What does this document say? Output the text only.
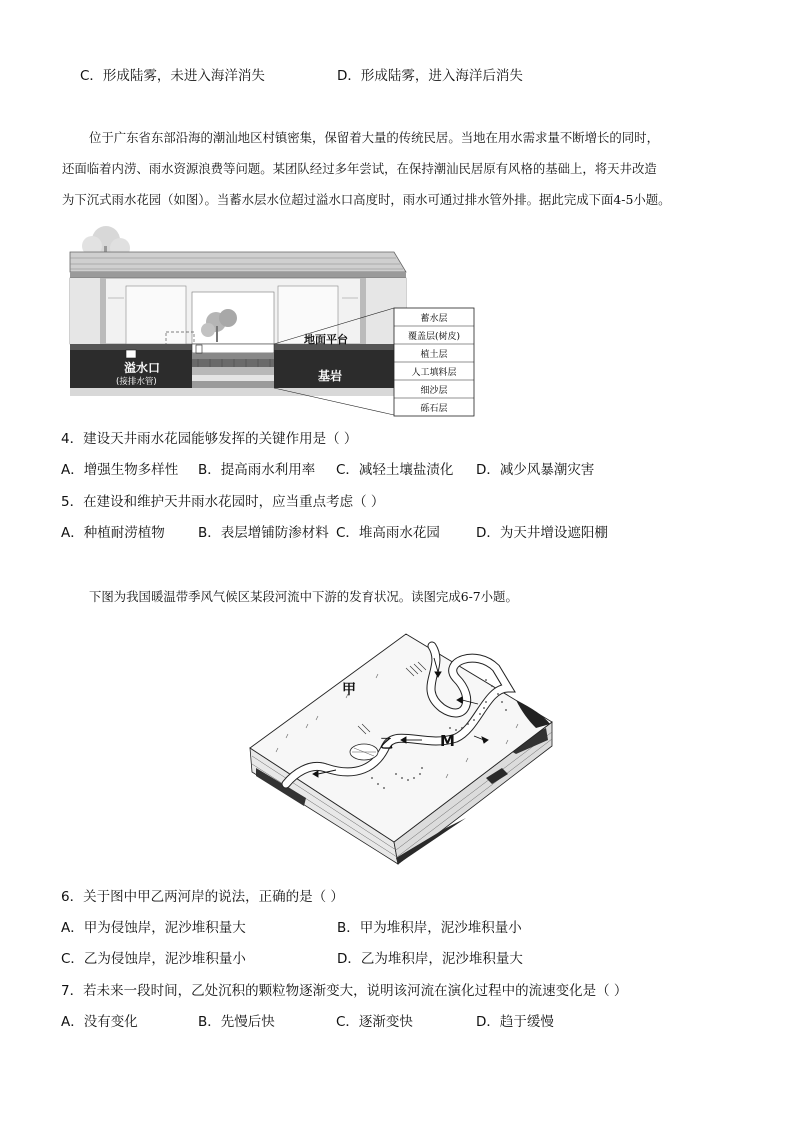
C．形成陆雾，未进入海洋消失	D．形成陆雾，进入海洋后消失
位于广东省东部沿海的潮汕地区村镇密集，保留着大量的传统民居。当地在用水需求量不断增长的同时，
还面临着内涝、雨水资源浪费等问题。某团队经过多年尝试，在保持潮汕民居原有风格的基础上，将天井改造
为下沉式雨水花园（如图）。当蓄水层水位超过溢水口高度时，雨水可通过排水管外排。据此完成下面4-5小题。
溢水口
(接排水管)	基岩
地面平台
蓄水层
覆盖层(树皮)
植土层
人工填料层
细沙层
砾石层
4．建设天井雨水花园能够发挥的关键作用是（ ）
A．增强生物多样性 B．提高雨水利用率 C．减轻土壤盐渍化 D．减少风暴潮灾害
5．在建设和维护天井雨水花园时，应当重点考虑（ ）
A．种植耐涝植物 B．表层增铺防渗材料 C．堆高雨水花园	D．为天井增设遮阳棚
下图为我国暖温带季风气候区某段河流中下游的发育状况。读图完成6-7小题。
甲
乙	M
6．关于图中甲乙两河岸的说法，正确的是（ ）
A．甲为侵蚀岸，泥沙堆积量大	B．甲为堆积岸，泥沙堆积量小
C．乙为侵蚀岸，泥沙堆积量小	D．乙为堆积岸，泥沙堆积量大
7．若未来一段时间，乙处沉积的颗粒物逐渐变大，说明该河流在演化过程中的流速变化是（ ）
A．没有变化	B．先慢后快	C．逐渐变快	D．趋于缓慢
